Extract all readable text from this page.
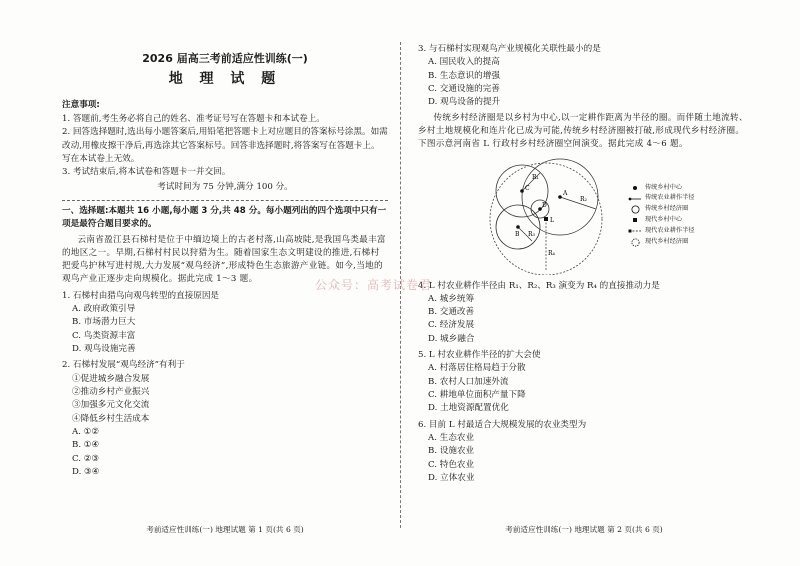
2026 届高三考前适应性训练(一)
地 理 试 题
注意事项:

1. 答题前,考生务必将自己的姓名、准考证号写在答题卡和本试卷上。

2. 回答选择题时,选出每小题答案后,用铅笔把答题卡上对应题目的答案标号涂黑。如需改动,用橡皮擦干净后,再选涂其它答案标号。回答非选择题时,将答案写在答题卡上。写在本试卷上无效。

3. 考试结束后,将本试卷和答题卡一并交回。

考试时间为 75 分钟,满分 100 分。
一、选择题:本题共 16 小题,每小题 3 分,共 48 分。每小题列出的四个选项中只有一项是最符合题目要求的。

云南省盈江县石梯村是位于中缅边境上的古老村落,山高坡陡,是我国鸟类最丰富的地区之一。早期,石梯村村民以狩猎为生。随着国家生态文明建设的推进,石梯村把爱鸟护林写进村规,大力发展“观鸟经济”,形成特色生态旅游产业链。如今,当地的观鸟产业正逐步走向规模化。据此完成 1～3 题。

1. 石梯村由猎鸟向观鸟转型的直接原因是
A. 政府政策引导
B. 市场潜力巨大
C. 鸟类资源丰富
D. 观鸟设施完善
2. 石梯村发展“观鸟经济”有利于
①促进城乡融合发展
②推动乡村产业振兴
③加强多元文化交流
④降低乡村生活成本
A. ①②
B. ①④
C. ②③
D. ③④
考前适应性训练(一) 地理试题 第 1 页(共 6 页)
3. 与石梯村实现观鸟产业规模化关联性最小的是
A. 国民收入的提高
B. 生态意识的增强
C. 交通设施的完善
D. 观鸟设备的提升

传统乡村经济圈是以乡村为中心,以一定耕作距离为半径的圈。而伴随土地流转、乡村土地规模化和连片化已成为可能,传统乡村经济圈被打破,形成现代乡村经济圈。下图示意河南省 L 行政村乡村经济圈空间演变。据此完成 4～6 题。

R₁
R₂
R₃
R₄
A
B
C
D
L
传统乡村中心
传统农业耕作半径
传统乡村经济圈
现代乡村中心
现代农业耕作半径
现代乡村经济圈
4. L 村农业耕作半径由 R₁、R₂、R₃ 演变为 R₄ 的直接推动力是
A. 城乡统筹
B. 交通改善
C. 经济发展
D. 城乡融合
5. L 村农业耕作半径的扩大会使
A. 村落居住格局趋于分散
B. 农村人口加速外流
C. 耕地单位面积产量下降
D. 土地资源配置优化
6. 目前 L 村最适合大规模发展的农业类型为
A. 生态农业
B. 设施农业
C. 特色农业
D. 立体农业
考前适应性训练(一) 地理试题 第 2 页(共 6 页)
公众号：高考试卷君
